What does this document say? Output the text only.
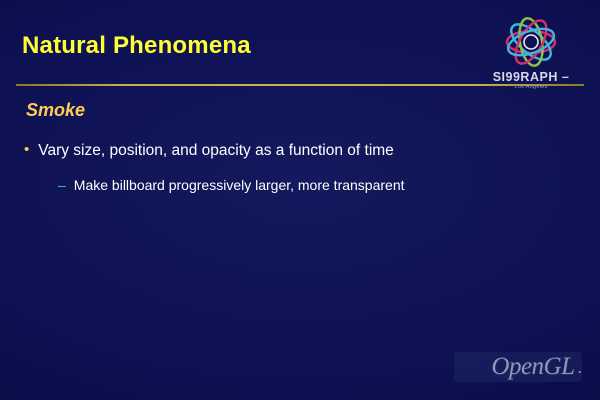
Natural Phenomena
Smoke
• Vary size, position, and opacity as a function of time
– Make billboard progressively larger, more transparent
SI99RAPH –
Los Angeles
OpenGL .
